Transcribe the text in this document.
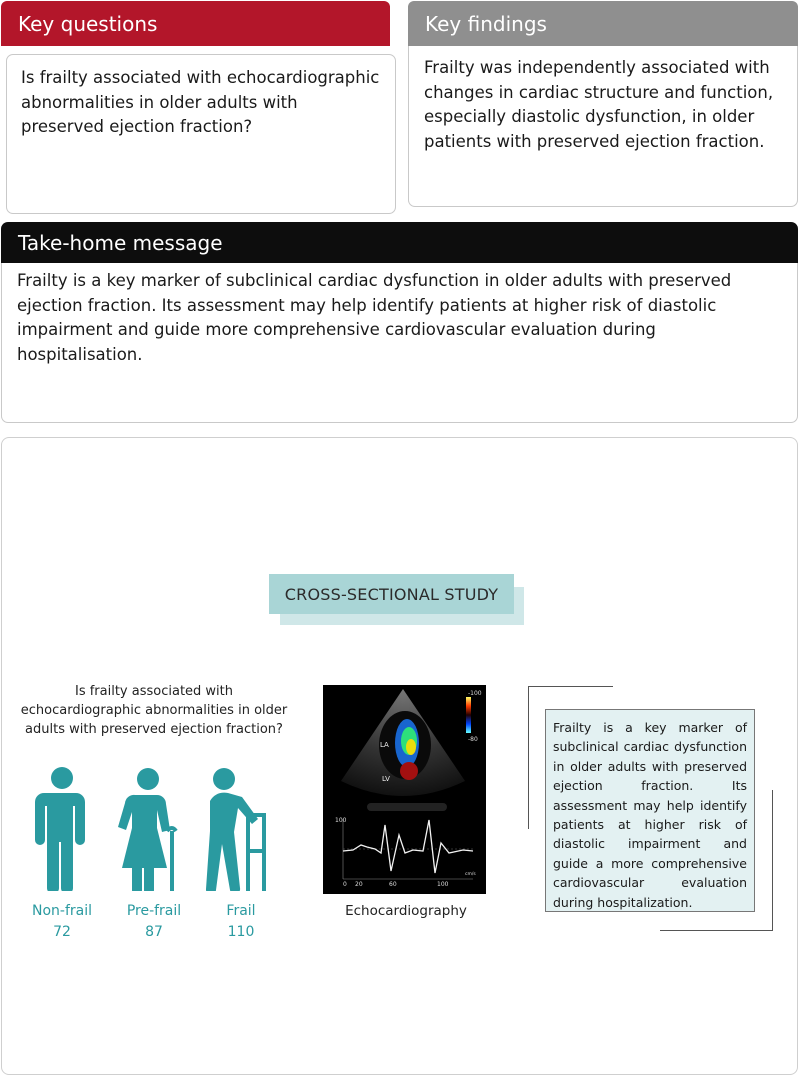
Key questions
Is frailty associated with echocardiographic abnormalities in older adults with preserved ejection fraction?
Key findings
Frailty was independently associated with changes in cardiac structure and function, especially diastolic dysfunction, in older patients with preserved ejection fraction.
Take-home message
Frailty is a key marker of subclinical cardiac dysfunction in older adults with preserved ejection fraction. Its assessment may help identify patients at higher risk of diastolic impairment and guide more comprehensive cardiovascular evaluation during hospitalisation.
CROSS-SECTIONAL STUDY
Is frailty associated with echocardiographic abnormalities in older adults with preserved ejection fraction?
Non-frail
72
Pre-frail
87
Frail
110
-100
-80
LA
LV
100
0 20	60	100
cm/s
Echocardiography
Frailty is a key marker of subclinical cardiac dysfunction in older adults with preserved ejection fraction. Its assessment may help identify patients at higher risk of diastolic impairment and guide a more comprehensive cardiovascular evaluation during hospitalization.
